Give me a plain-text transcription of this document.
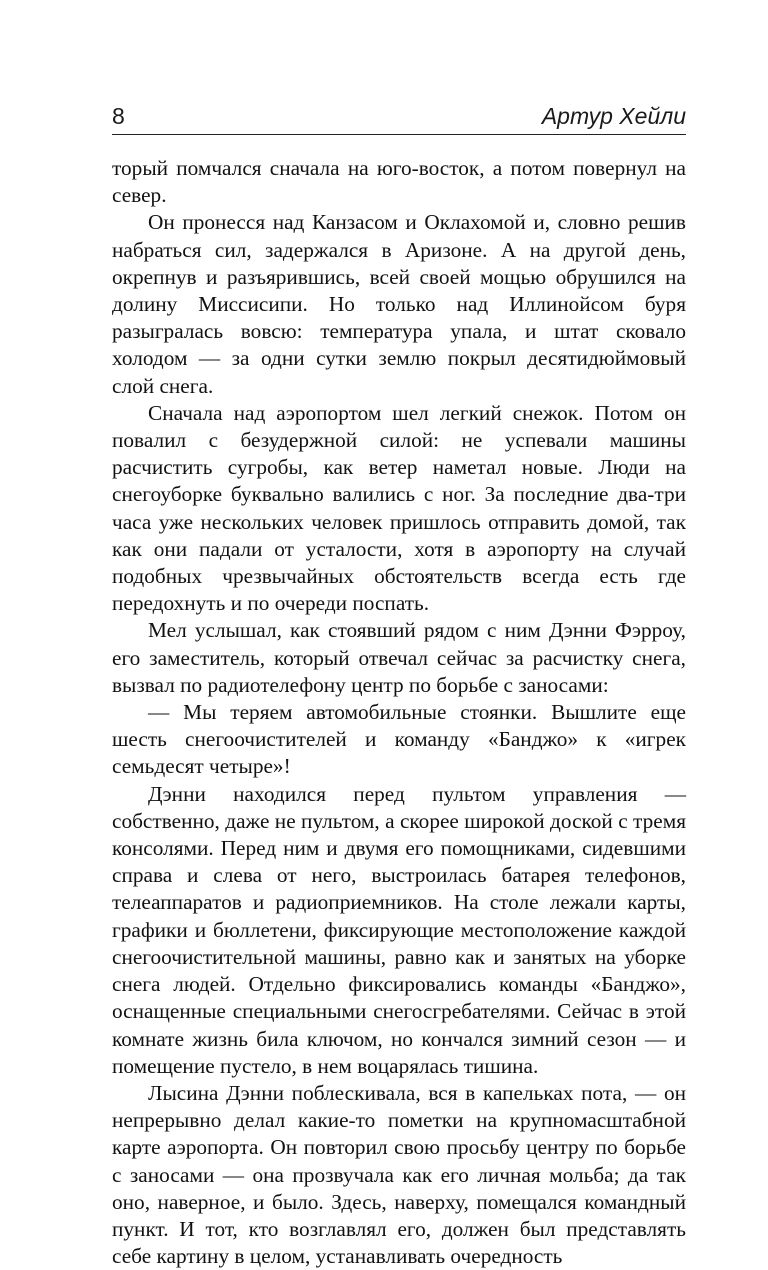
8	Артур Хейли

торый помчался сначала на юго-восток, а потом повернул на север.

Он пронесся над Канзасом и Оклахомой и, словно решив набраться сил, задержался в Аризоне. А на другой день, окрепнув и разъярившись, всей своей мощью обрушился на долину Миссисипи. Но только над Иллинойсом буря разыгралась вовсю: температура упала, и штат сковало холодом — за одни сутки землю покрыл десятидюймовый слой снега.

Сначала над аэропортом шел легкий снежок. Потом он повалил с безудержной силой: не успевали машины расчистить сугробы, как ветер наметал новые. Люди на снегоуборке буквально валились с ног. За последние два-три часа уже нескольких человек пришлось отправить домой, так как они падали от усталости, хотя в аэропорту на случай подобных чрезвычайных обстоятельств всегда есть где передохнуть и по очереди поспать.

Мел услышал, как стоявший рядом с ним Дэнни Фэрроу, его заместитель, который отвечал сейчас за расчистку снега, вызвал по радиотелефону центр по борьбе с заносами:

— Мы теряем автомобильные стоянки. Вышлите еще шесть снегоочистителей и команду «Банджо» к «игрек семьдесят четыре»!

Дэнни находился перед пультом управления — собственно, даже не пультом, а скорее широкой доской с тремя консолями. Перед ним и двумя его помощниками, сидевшими справа и слева от него, выстроилась батарея телефонов, телеаппаратов и радиоприемников. На столе лежали карты, графики и бюллетени, фиксирующие местоположение каждой снегоочистительной машины, равно как и занятых на уборке снега людей. Отдельно фиксировались команды «Банджо», оснащенные специальными снегосгребателями. Сейчас в этой комнате жизнь била ключом, но кончался зимний сезон — и помещение пустело, в нем воцарялась тишина.

Лысина Дэнни поблескивала, вся в капельках пота, — он непрерывно делал какие-то пометки на крупномасштабной карте аэропорта. Он повторил свою просьбу центру по борьбе с заносами — она прозвучала как его личная мольба; да так оно, наверное, и было. Здесь, наверху, помещался командный пункт. И тот, кто возглавлял его, должен был представлять себе картину в целом, устанавливать очередность
